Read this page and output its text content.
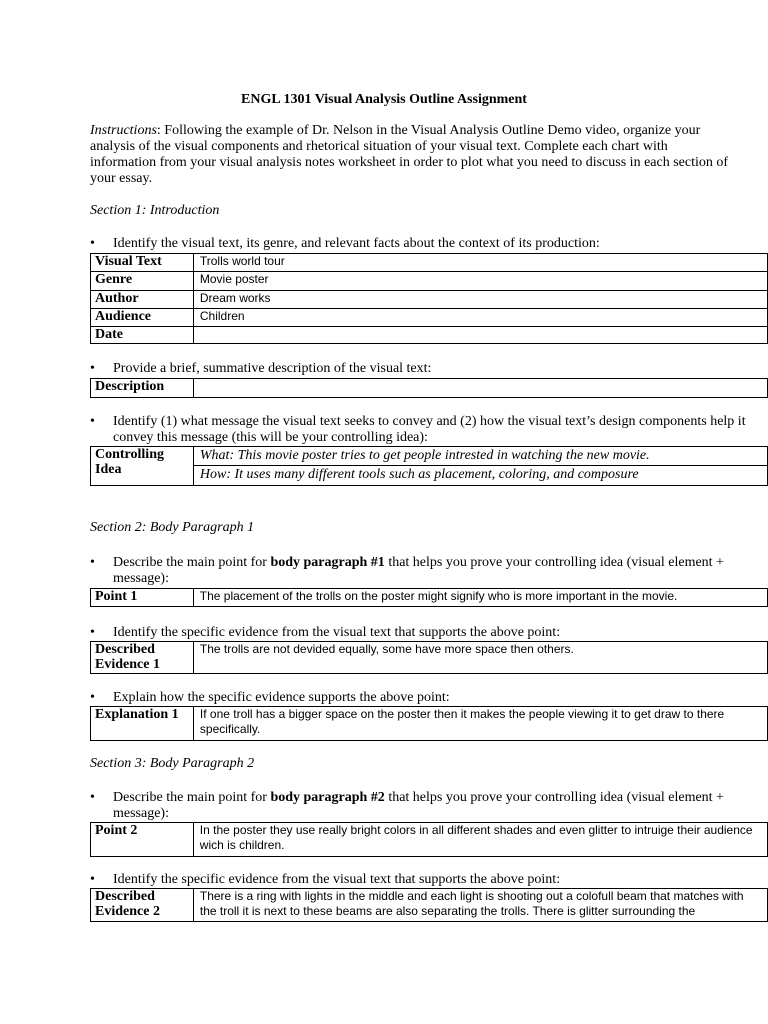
ENGL 1301 Visual Analysis Outline Assignment
Instructions: Following the example of Dr. Nelson in the Visual Analysis Outline Demo video, organize your analysis of the visual components and rhetorical situation of your visual text. Complete each chart with information from your visual analysis notes worksheet in order to plot what you need to discuss in each section of your essay.
Section 1: Introduction
• Identify the visual text, its genre, and relevant facts about the context of its production:
Visual Text	Trolls world tour
Genre	Movie poster
Author	Dream works
Audience	Children
Date	
• Provide a brief, summative description of the visual text:
Description	
• Identify (1) what message the visual text seeks to convey and (2) how the visual text’s design components help it convey this message (this will be your controlling idea):
Controlling Idea	What: This movie poster tries to get people intrested in watching the new movie.
How: It uses many different tools such as placement, coloring, and composure
Section 2: Body Paragraph 1
• Describe the main point for body paragraph #1 that helps you prove your controlling idea (visual element + message):
Point 1	The placement of the trolls on the poster might signify who is more important in the movie.
• Identify the specific evidence from the visual text that supports the above point:
Described Evidence 1	The trolls are not devided equally, some have more space then others.
• Explain how the specific evidence supports the above point:
Explanation 1	If one troll has a bigger space on the poster then it makes the people viewing it to get draw to there specifically.
Section 3: Body Paragraph 2
• Describe the main point for body paragraph #2 that helps you prove your controlling idea (visual element + message):
Point 2	In the poster they use really bright colors in all different shades and even glitter to intruige their audience wich is children.
• Identify the specific evidence from the visual text that supports the above point:
Described Evidence 2	There is a ring with lights in the middle and each light is shooting out a colofull beam that matches with the troll it is next to these beams are also separating the trolls. There is glitter surrounding the
